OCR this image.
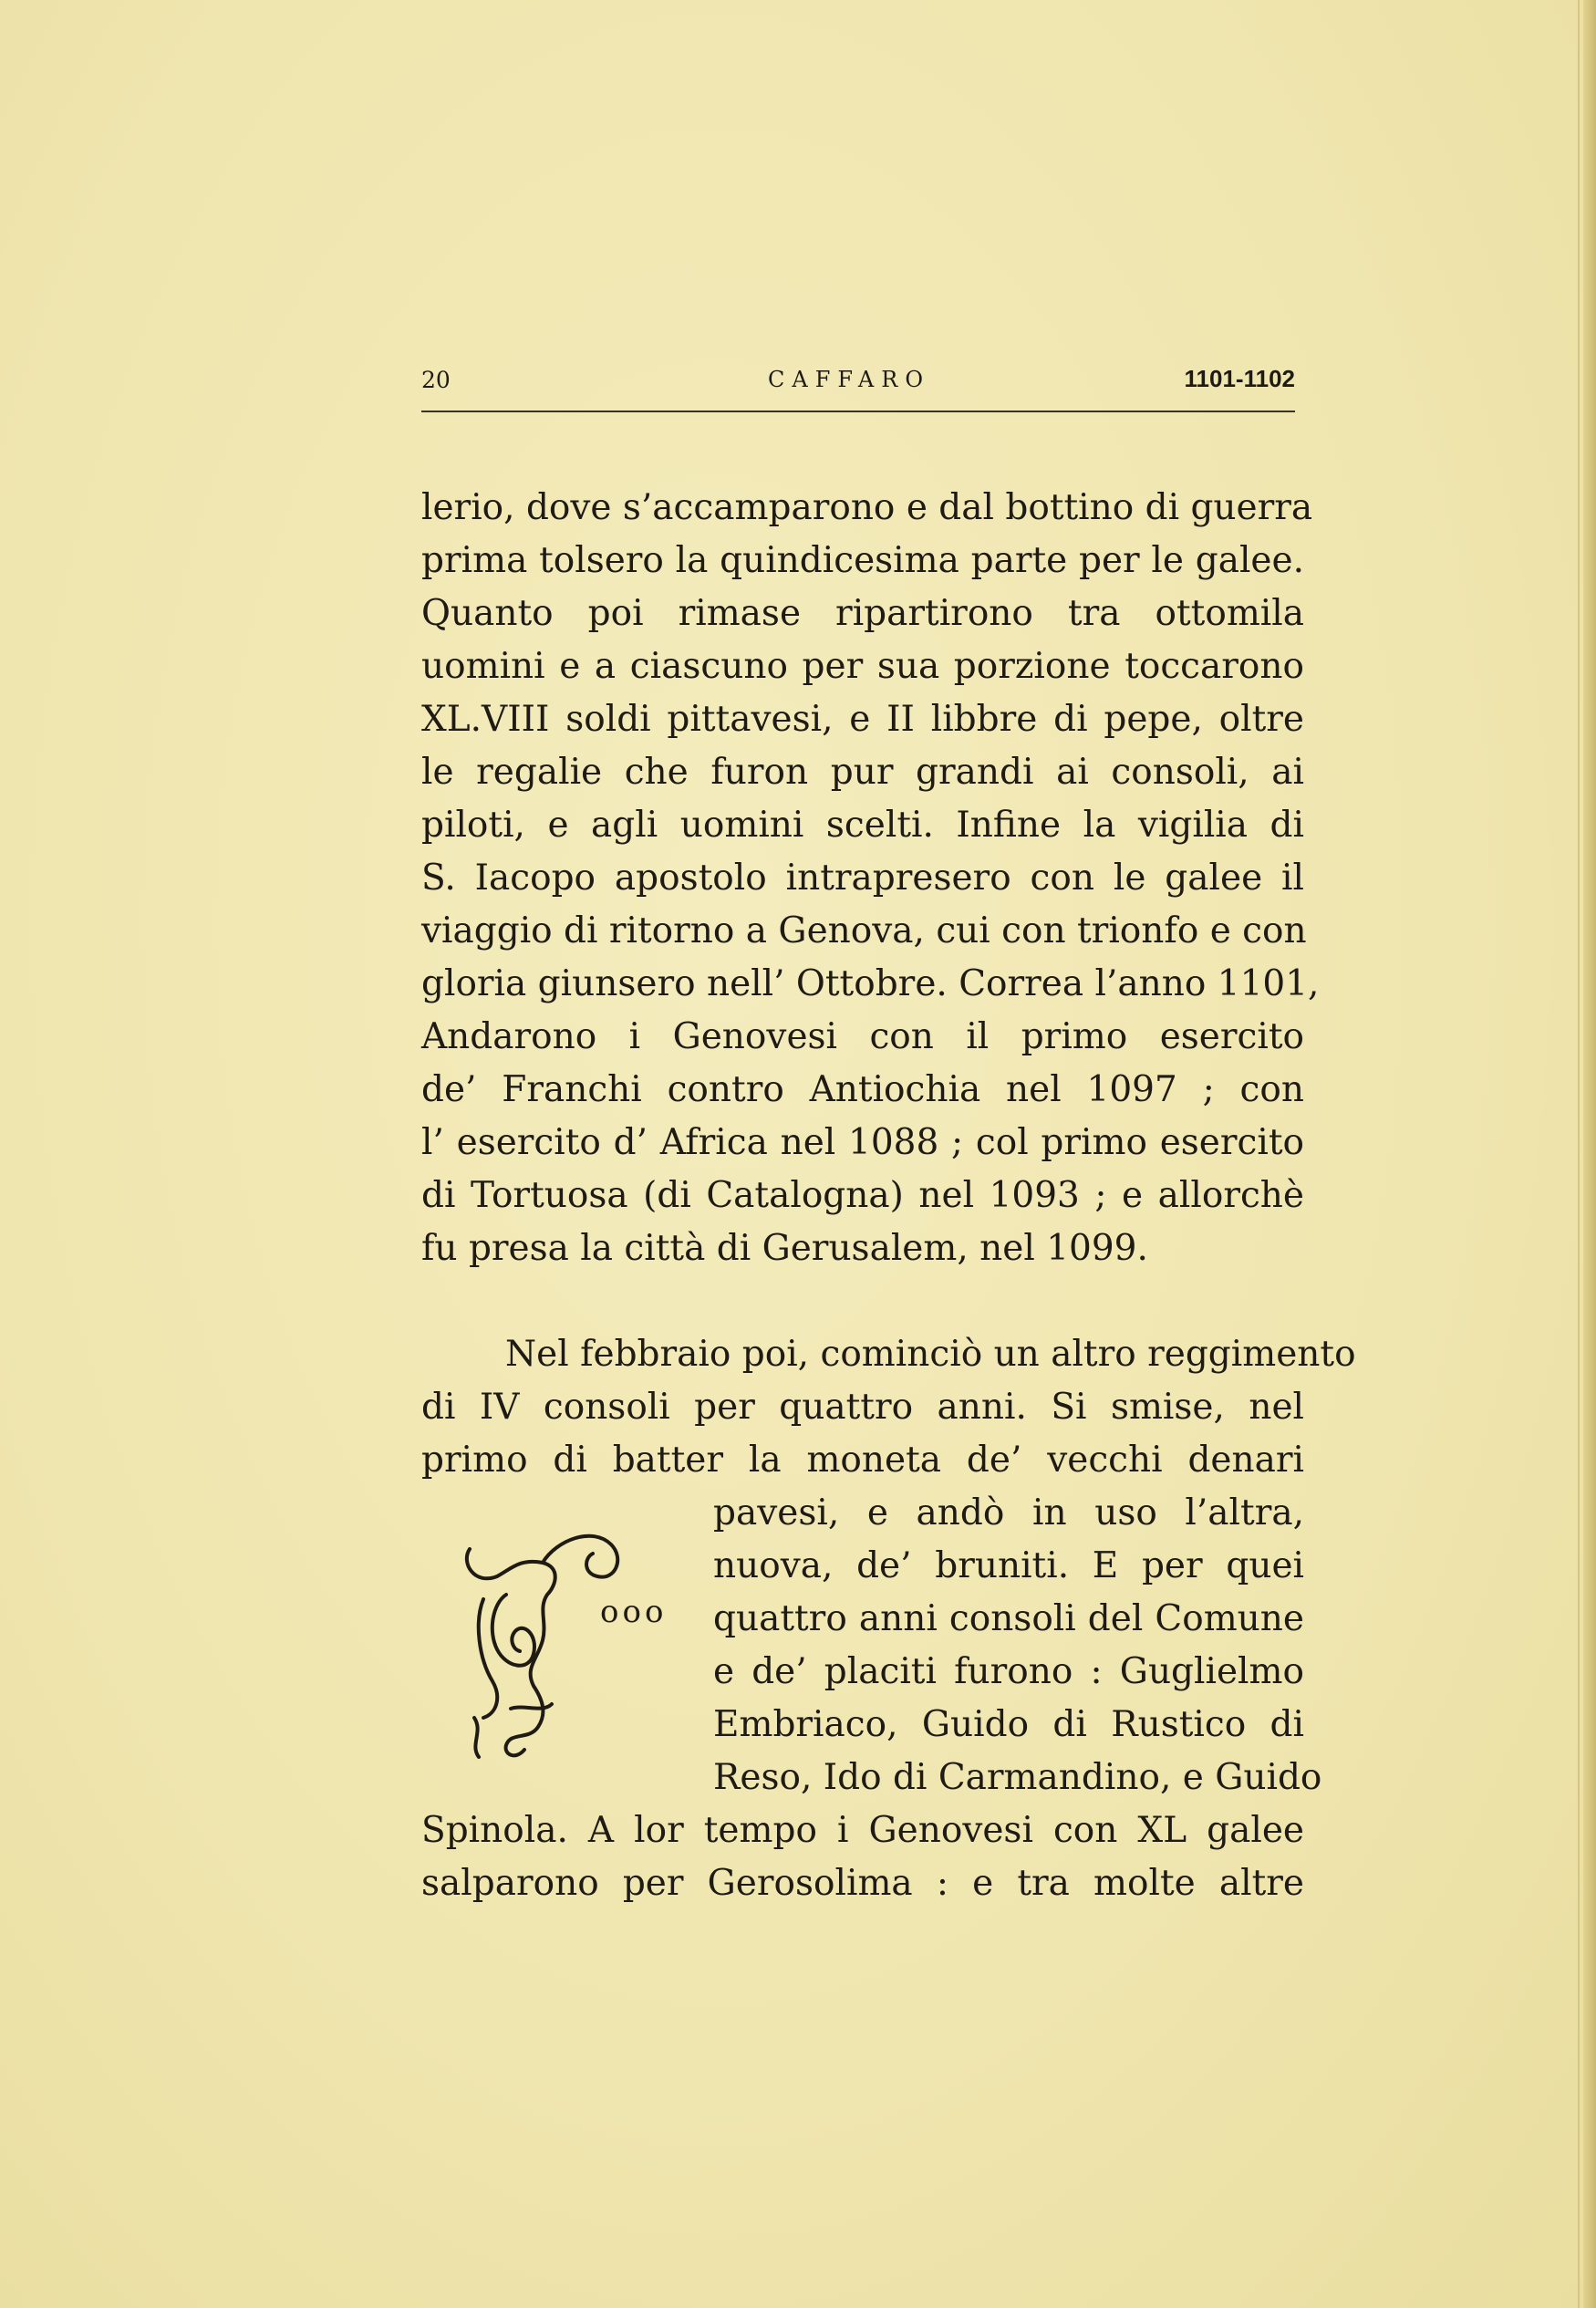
20	CAFFARO	1101-1102
lerio, dove s’accamparono e dal bottino di guerra
prima tolsero la quindicesima parte per le galee.
Quanto poi rimase ripartirono tra ottomila
uomini e a ciascuno per sua porzione toccarono
XL.VIII soldi pittavesi, e II libbre di pepe, oltre
le regalie che furon pur grandi ai consoli, ai
piloti, e agli uomini scelti. Infine la vigilia di
S. Iacopo apostolo intrapresero con le galee il
viaggio di ritorno a Genova, cui con trionfo e con
gloria giunsero nell’ Ottobre. Correa l’anno 1101,
Andarono i Genovesi con il primo esercito
de’ Franchi contro Antiochia nel 1097 ; con
l’ esercito d’ Africa nel 1088 ; col primo esercito
di Tortuosa (di Catalogna) nel 1093 ; e allorchè
fu presa la città di Gerusalem, nel 1099.
Nel febbraio poi, cominciò un altro reggimento
di IV consoli per quattro anni. Si smise, nel
primo di batter la moneta de’ vecchi denari
pavesi, e andò in uso l’altra,
nuova, de’ bruniti. E per quei
quattro anni consoli del Comune
e de’ placiti furono : Guglielmo
Embriaco, Guido di Rustico di
Reso, Ido di Carmandino, e Guido
Spinola. A lor tempo i Genovesi con XL galee
salparono per Gerosolima : e tra molte altre
ooo
